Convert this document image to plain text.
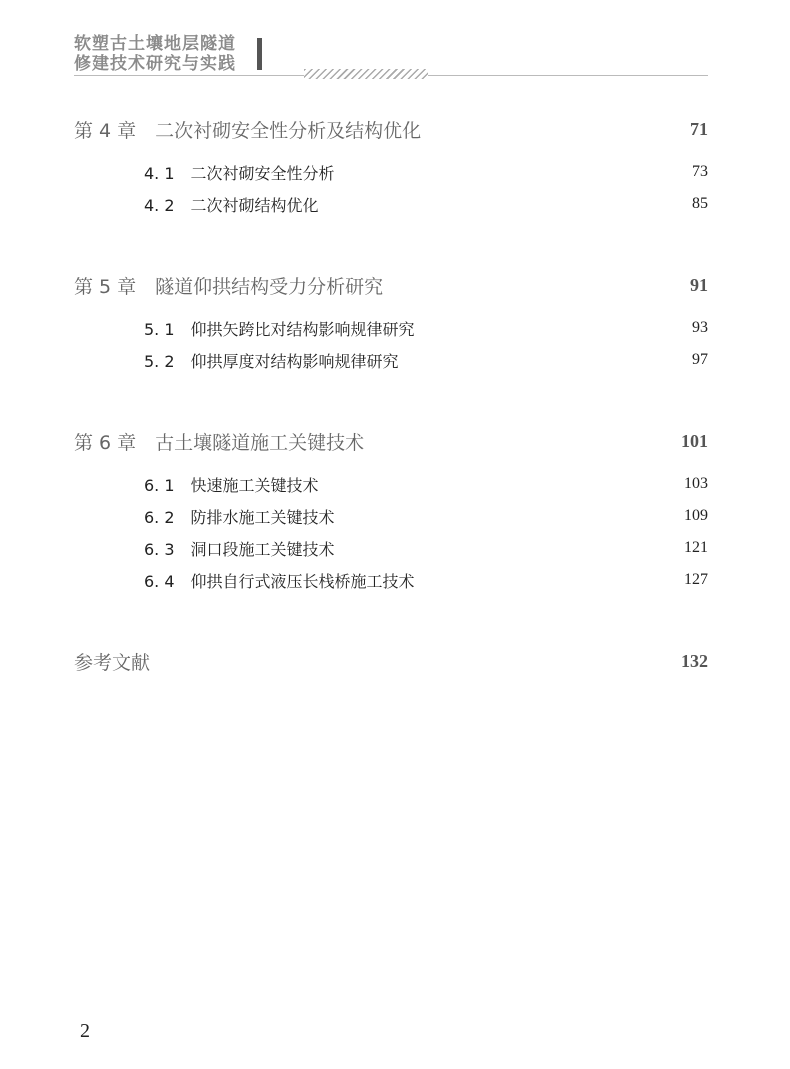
软塑古土壤地层隧道
修建技术研究与实践
第 4 章　二次衬砌安全性分析及结构优化	71
4. 1　二次衬砌安全性分析	73
4. 2　二次衬砌结构优化	85
第 5 章　隧道仰拱结构受力分析研究	91
5. 1　仰拱矢跨比对结构影响规律研究	93
5. 2　仰拱厚度对结构影响规律研究	97
第 6 章　古土壤隧道施工关键技术	101
6. 1　快速施工关键技术	103
6. 2　防排水施工关键技术	109
6. 3　洞口段施工关键技术	121
6. 4　仰拱自行式液压长栈桥施工技术	127
参考文献	132
2
